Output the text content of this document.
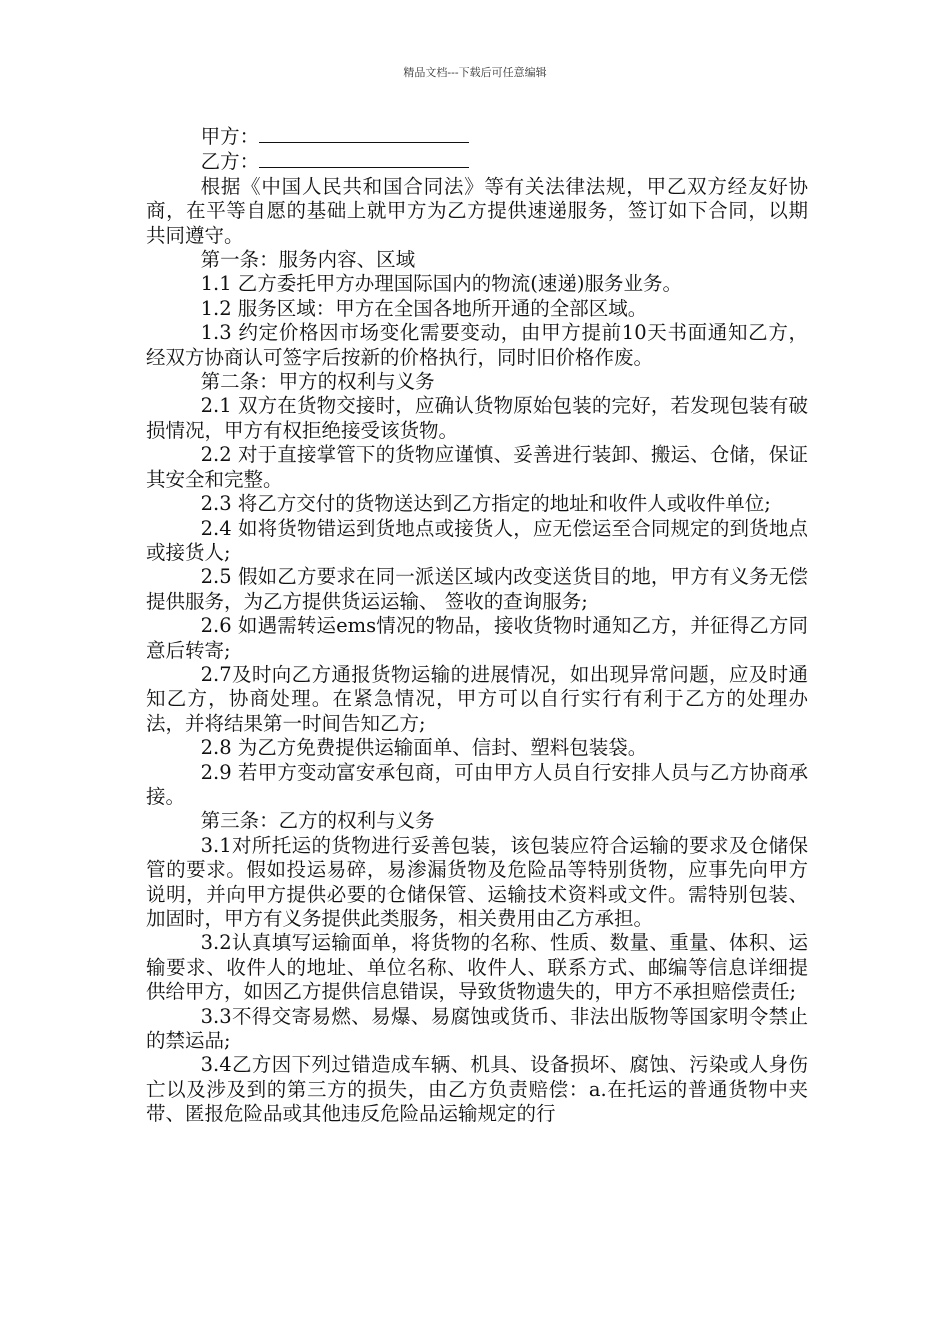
精品文档---下载后可任意编辑

甲方：

乙方：

根据《中国人民共和国合同法》等有关法律法规，甲乙双方经友好协商，在平等自愿的基础上就甲方为乙方提供速递服务，签订如下合同，以期共同遵守。

第一条：服务内容、区域

1.1 乙方委托甲方办理国际国内的物流(速递)服务业务。

1.2 服务区域：甲方在全国各地所开通的全部区域。

1.3 约定价格因市场变化需要变动，由甲方提前10天书面通知乙方，经双方协商认可签字后按新的价格执行，同时旧价格作废。

第二条：甲方的权利与义务

2.1 双方在货物交接时，应确认货物原始包装的完好，若发现包装有破损情况，甲方有权拒绝接受该货物。

2.2 对于直接掌管下的货物应谨慎、妥善进行装卸、搬运、仓储，保证其安全和完整。

2.3 将乙方交付的货物送达到乙方指定的地址和收件人或收件单位;

2.4 如将货物错运到货地点或接货人，应无偿运至合同规定的到货地点或接货人;

2.5 假如乙方要求在同一派送区域内改变送货目的地，甲方有义务无偿提供服务，为乙方提供货运运输、 签收的查询服务;

2.6 如遇需转运ems情况的物品，接收货物时通知乙方，并征得乙方同意后转寄;

2.7及时向乙方通报货物运输的进展情况，如出现异常问题，应及时通知乙方，协商处理。在紧急情况，甲方可以自行实行有利于乙方的处理办法，并将结果第一时间告知乙方;

2.8 为乙方免费提供运输面单、信封、塑料包装袋。

2.9 若甲方变动富安承包商，可由甲方人员自行安排人员与乙方协商承接。

第三条：乙方的权利与义务

3.1对所托运的货物进行妥善包装，该包装应符合运输的要求及仓储保管的要求。假如投运易碎，易渗漏货物及危险品等特别货物，应事先向甲方说明，并向甲方提供必要的仓储保管、运输技术资料或文件。需特别包装、加固时，甲方有义务提供此类服务，相关费用由乙方承担。

3.2认真填写运输面单，将货物的名称、性质、数量、重量、体积、运输要求、收件人的地址、单位名称、收件人、联系方式、邮编等信息详细提供给甲方，如因乙方提供信息错误，导致货物遗失的，甲方不承担赔偿责任;

3.3不得交寄易燃、易爆、易腐蚀或货币、非法出版物等国家明令禁止的禁运品;

3.4乙方因下列过错造成车辆、机具、设备损坏、腐蚀、污染或人身伤亡以及涉及到的第三方的损失，由乙方负责赔偿：a.在托运的普通货物中夹带、匿报危险品或其他违反危险品运输规定的行
